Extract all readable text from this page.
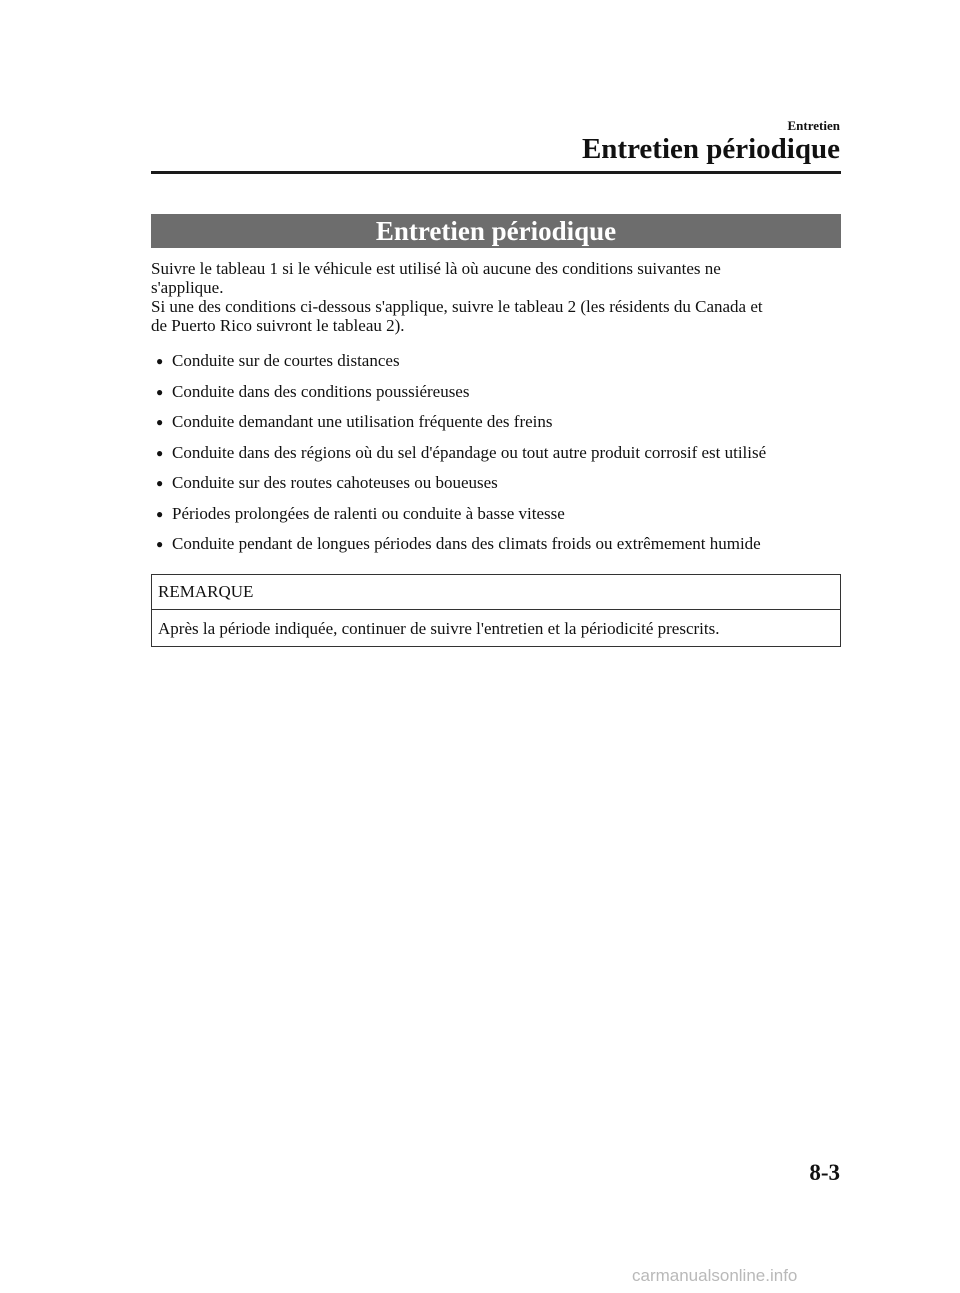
Entretien
Entretien périodique
Entretien périodique

Suivre le tableau 1 si le véhicule est utilisé là où aucune des conditions suivantes ne

s'applique.

Si une des conditions ci-dessous s'applique, suivre le tableau 2 (les résidents du Canada et

de Puerto Rico suivront le tableau 2).

● Conduite sur de courtes distances
● Conduite dans des conditions poussiéreuses
● Conduite demandant une utilisation fréquente des freins
● Conduite dans des régions où du sel d'épandage ou tout autre produit corrosif est utilisé
● Conduite sur des routes cahoteuses ou boueuses
● Périodes prolongées de ralenti ou conduite à basse vitesse
● Conduite pendant de longues périodes dans des climats froids ou extrêmement humide
REMARQUE
Après la période indiquée, continuer de suivre l'entretien et la périodicité prescrits.
8-3
carmanualsonline.info
